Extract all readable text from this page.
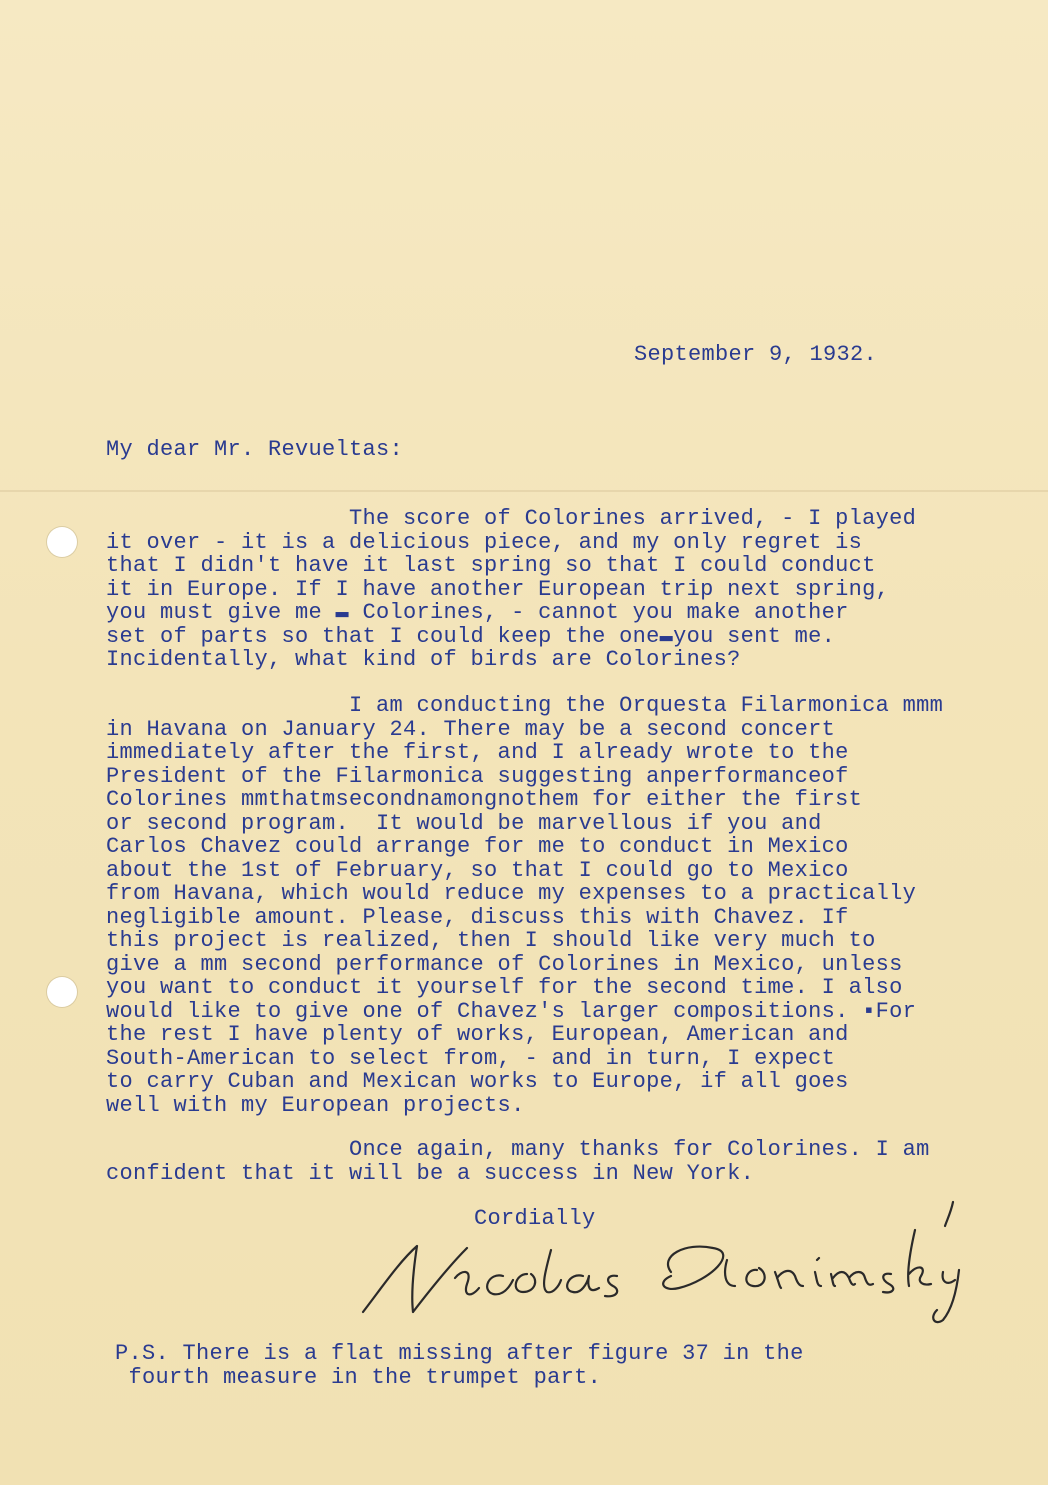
September 9, 1932.

My dear Mr. Revueltas:

The score of Colorines arrived, - I played
it over - it is a delicious piece, and my only regret is
that I didn't have it last spring so that I could conduct
it in Europe. If I have another European trip next spring,
you must give me ▬ Colorines, - cannot you make another
set of parts so that I could keep the one▬you sent me.
Incidentally, what kind of birds are Colorines?

I am conducting the Orquesta Filarmonica mmm
in Havana on January 24. There may be a second concert
immediately after the first, and I already wrote to the
President of the Filarmonica suggesting anperformanceof
Colorines mmthatmsecondnamongnothem for either the first
or second program.  It would be marvellous if you and
Carlos Chavez could arrange for me to conduct in Mexico
about the 1st of February, so that I could go to Mexico
from Havana, which would reduce my expenses to a practically
negligible amount. Please, discuss this with Chavez. If
this project is realized, then I should like very much to
give a mm second performance of Colorines in Mexico, unless
you want to conduct it yourself for the second time. I also
would like to give one of Chavez's larger compositions. ▪For
the rest I have plenty of works, European, American and
South-American to select from, - and in turn, I expect
to carry Cuban and Mexican works to Europe, if all goes
well with my European projects.

Once again, many thanks for Colorines. I am
confident that it will be a success in New York.

Cordially

P.S. There is a flat missing after figure 37 in the
fourth measure in the trumpet part.
